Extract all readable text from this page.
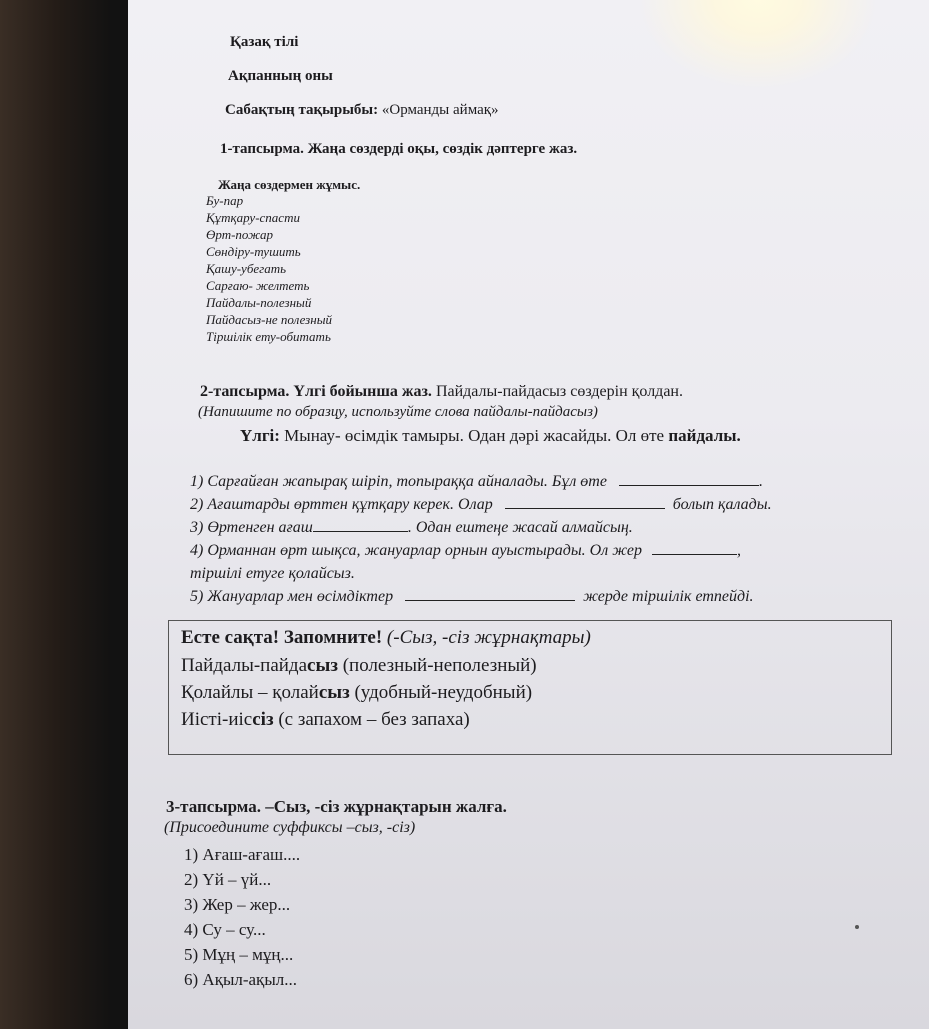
Қазақ тілі
Ақпанның оны
Сабақтың тақырыбы: «Орманды аймақ»
1-тапсырма. Жаңа сөздерді оқы, сөздік дәптерге жаз.
Жаңа сөздермен жұмыс.
Бу-пар
Құтқару-спасти
Өрт-пожар
Сөндіру-тушить
Қашу-убегать
Сарғаю- желтеть
Пайдалы-полезный
Пайдасыз-не полезный
Тіршілік ету-обитать
2-тапсырма. Үлгі бойынша жаз. Пайдалы-пайдасыз сөздерін қолдан.
(Напишите по образцу, используйте слова пайдалы-пайдасыз)
Үлгі: Мынау- өсімдік тамыры. Одан дәрі жасайды. Ол өте пайдалы.
1) Сарғайған жапырақ шіріп, топыраққа айналады. Бұл өте	.
2) Ағаштарды өрттен құтқару керек. Олар	болып қалады.
3) Өртенген ағаш	. Одан ештеңе жасай алмайсың.
4) Орманнан өрт шықса, жануарлар орнын ауыстырады. Ол жер	,
тіршілі етуге қолайсыз.
5) Жануарлар мен өсімдіктер	жерде тіршілік етпейді.
Есте сақта! Запомните! (-Сыз, -сіз жұрнақтары)
Пайдалы-пайдасыз (полезный-неполезный)
Қолайлы – қолайсыз (удобный-неудобный)
Иісті-иіссіз (с запахом – без запаха)
3-тапсырма. –Сыз, -сіз жұрнақтарын жалға.
(Присоедините суффиксы –сыз, -сіз)
1) Ағаш-ағаш....
2) Үй – үй...
3) Жер – жер...
4) Су – су...
5) Мұң – мұң...
6) Ақыл-ақыл...
